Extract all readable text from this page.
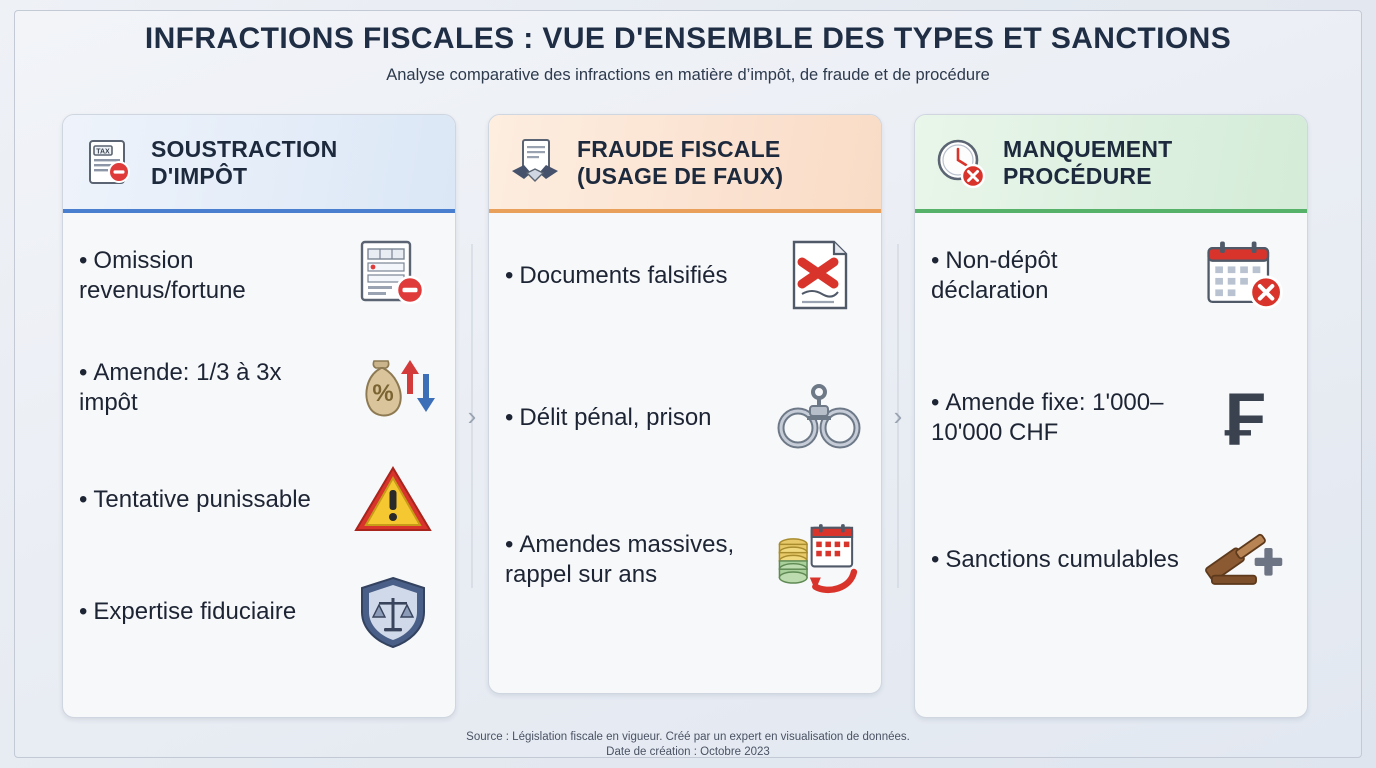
INFRACTIONS FISCALES : VUE D'ENSEMBLE DES TYPES ET SANCTIONS
Analyse comparative des infractions en matière d’impôt, de fraude et de procédure
TAX SOUSTRACTION D'IMPÔT
• Omission revenus/fortune
• Amende: 1/3 à 3x impôt	%
• Tentative punissable
• Expertise fiduciaire
›
FRAUDE FISCALE (USAGE DE FAUX)
• Documents falsifiés
• Délit pénal, prison
• Amendes massives, rappel sur ans
›
MANQUEMENT PROCÉDURE
• Non-dépôt déclaration
• Amende fixe: 1'000–10'000 CHF	₣
• Sanctions cumulables
Source : Législation fiscale en vigueur. Créé par un expert en visualisation de données.
Date de création : Octobre 2023
